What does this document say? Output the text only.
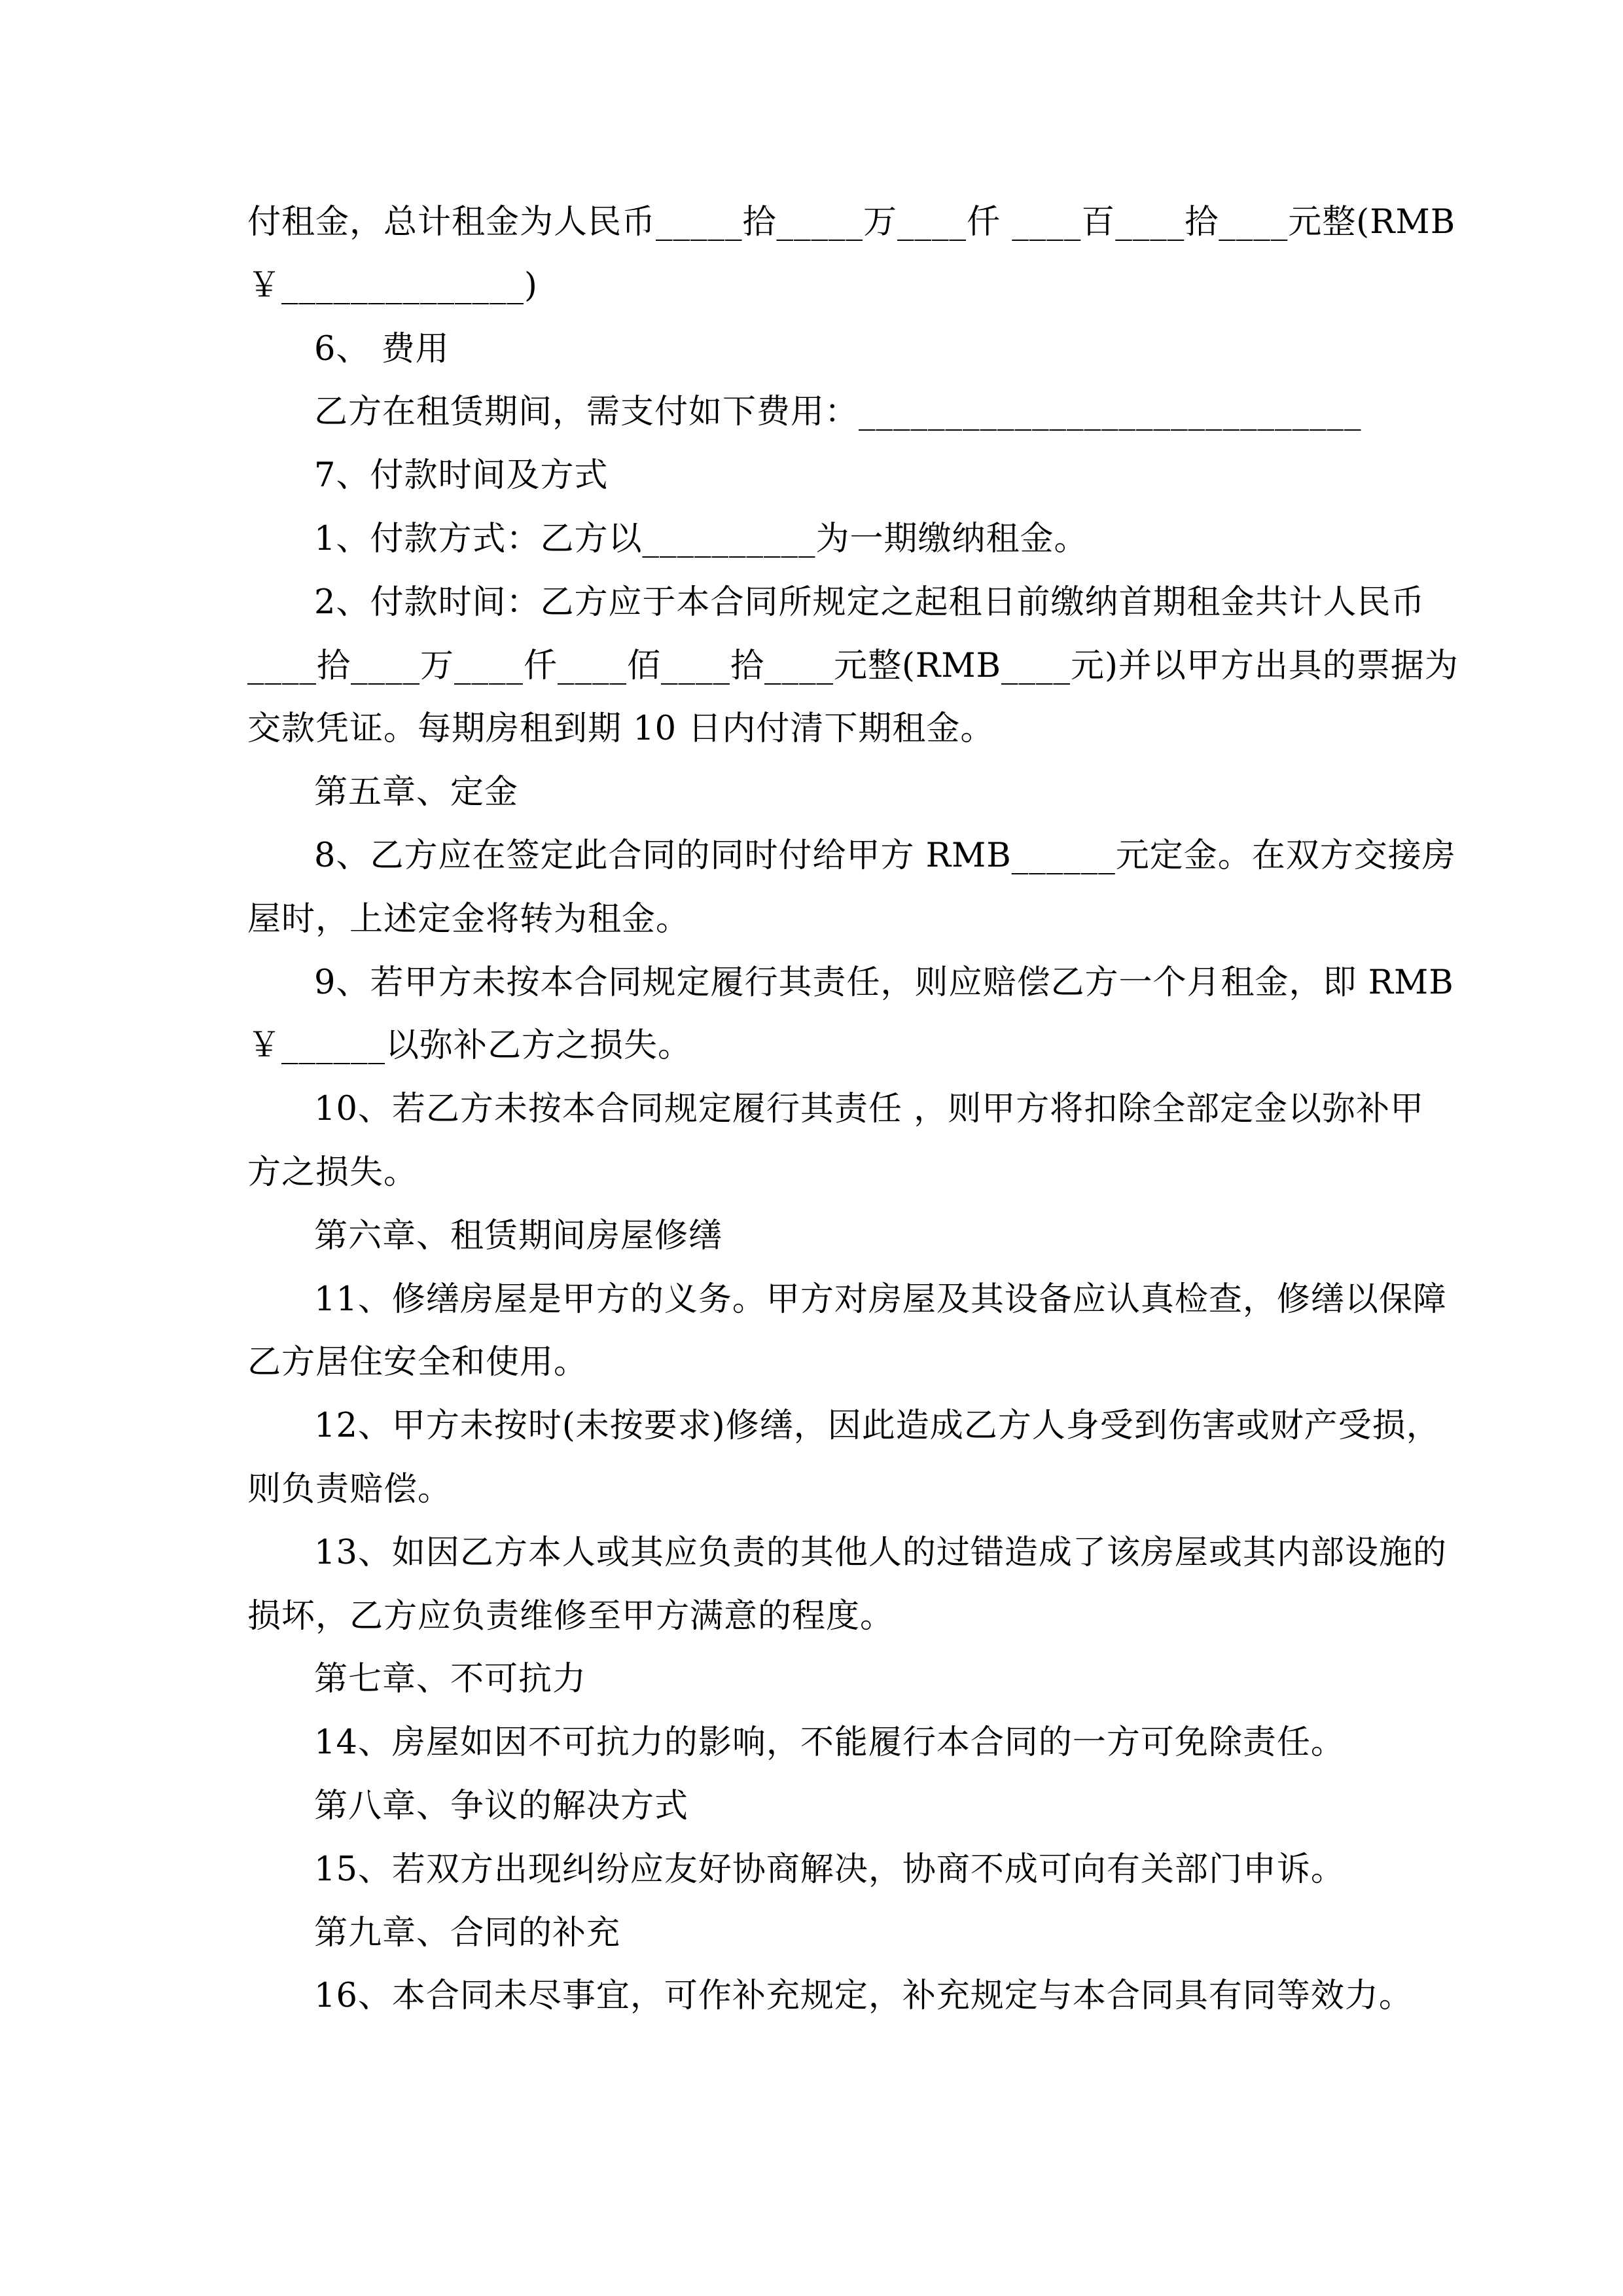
付租金，总计租金为人民币_____拾_____万____仟 ____百____拾____元整(RMB
￥______________)
6、 费用
乙方在租赁期间，需支付如下费用：_____________________________
7、付款时间及方式
1、付款方式：乙方以__________为一期缴纳租金。
2、付款时间：乙方应于本合同所规定之起租日前缴纳首期租金共计人民币
____拾____万____仟____佰____拾____元整(RMB____元)并以甲方出具的票据为
交款凭证。每期房租到期 10 日内付清下期租金。
第五章、定金
8、乙方应在签定此合同的同时付给甲方 RMB______元定金。在双方交接房
屋时，上述定金将转为租金。
9、若甲方未按本合同规定履行其责任，则应赔偿乙方一个月租金，即 RMB
￥______以弥补乙方之损失。
10、若乙方未按本合同规定履行其责任 ，则甲方将扣除全部定金以弥补甲
方之损失。
第六章、租赁期间房屋修缮
11、修缮房屋是甲方的义务。甲方对房屋及其设备应认真检查，修缮以保障
乙方居住安全和使用。
12、甲方未按时(未按要求)修缮，因此造成乙方人身受到伤害或财产受损，
则负责赔偿。
13、如因乙方本人或其应负责的其他人的过错造成了该房屋或其内部设施的
损坏，乙方应负责维修至甲方满意的程度。
第七章、不可抗力
14、房屋如因不可抗力的影响，不能履行本合同的一方可免除责任。
第八章、争议的解决方式
15、若双方出现纠纷应友好协商解决，协商不成可向有关部门申诉。
第九章、合同的补充
16、本合同未尽事宜，可作补充规定，补充规定与本合同具有同等效力。
